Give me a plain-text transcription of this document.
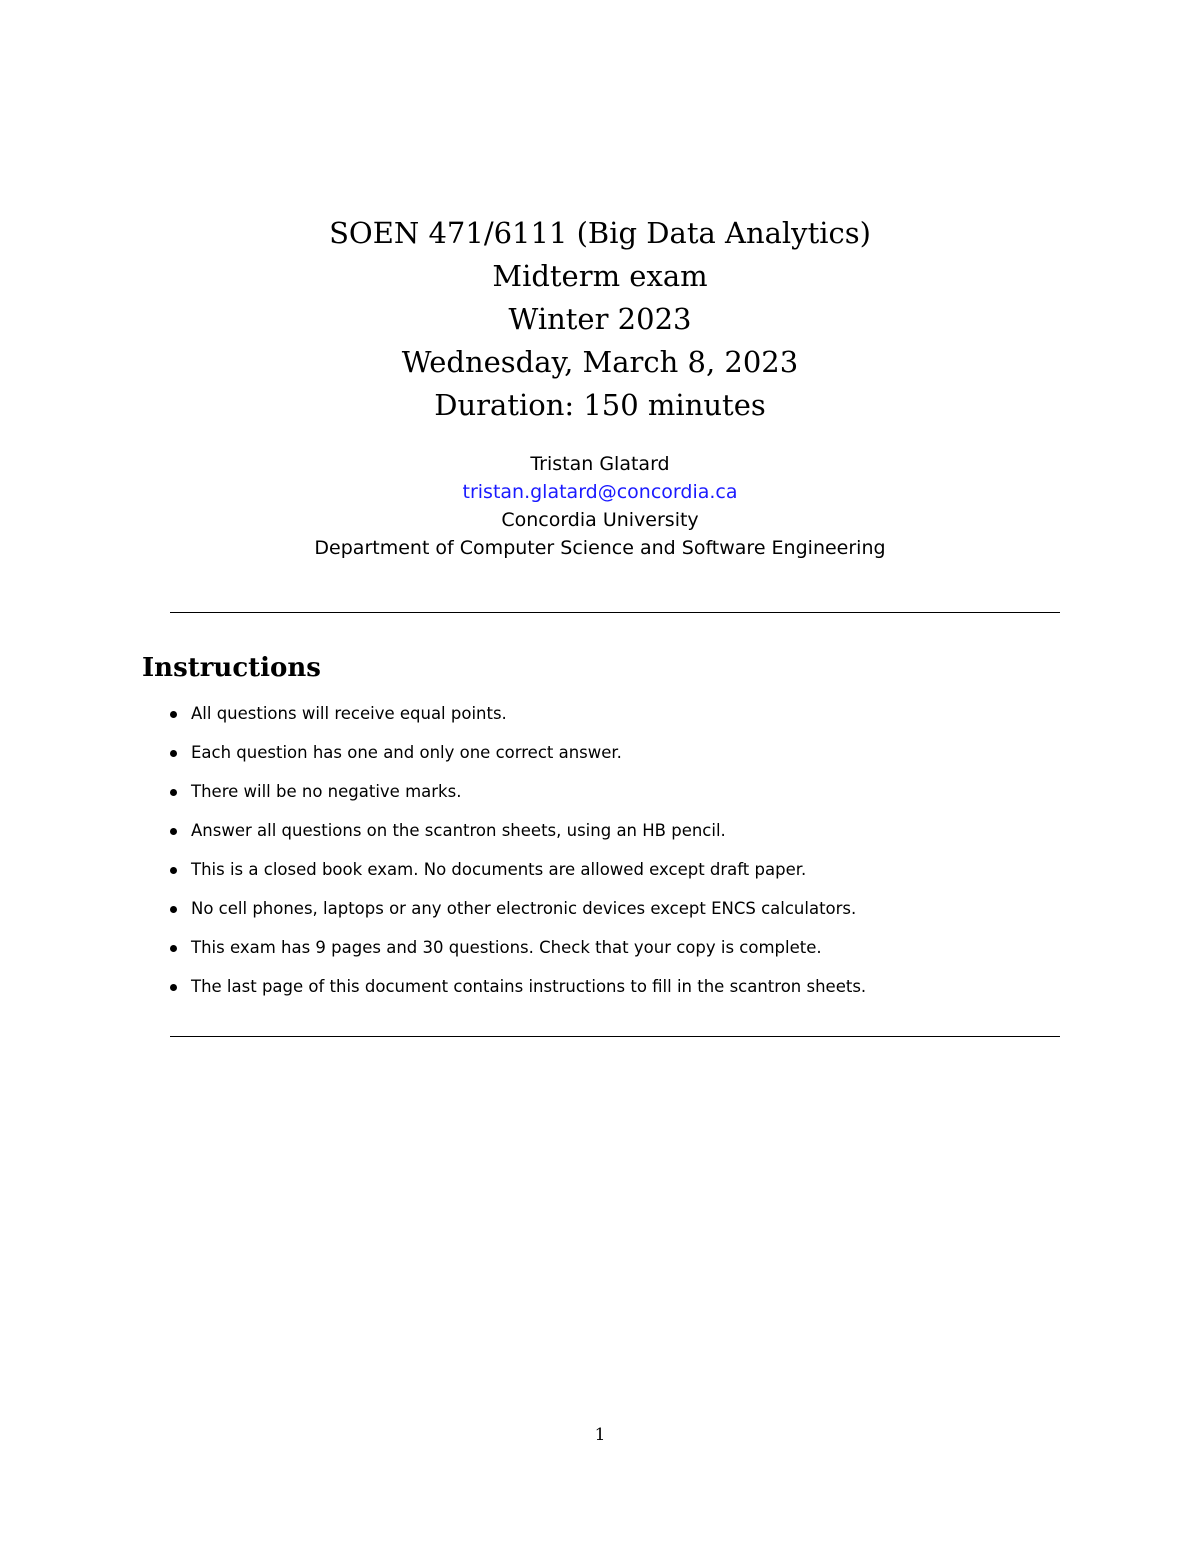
SOEN 471/6111 (Big Data Analytics)
Midterm exam
Winter 2023
Wednesday, March 8, 2023
Duration: 150 minutes
Tristan Glatard
tristan.glatard@concordia.ca
Concordia University
Department of Computer Science and Software Engineering
Instructions
All questions will receive equal points.
Each question has one and only one correct answer.
There will be no negative marks.
Answer all questions on the scantron sheets, using an HB pencil.
This is a closed book exam. No documents are allowed except draft paper.
No cell phones, laptops or any other electronic devices except ENCS calculators.
This exam has 9 pages and 30 questions. Check that your copy is complete.
The last page of this document contains instructions to fill in the scantron sheets.
1
